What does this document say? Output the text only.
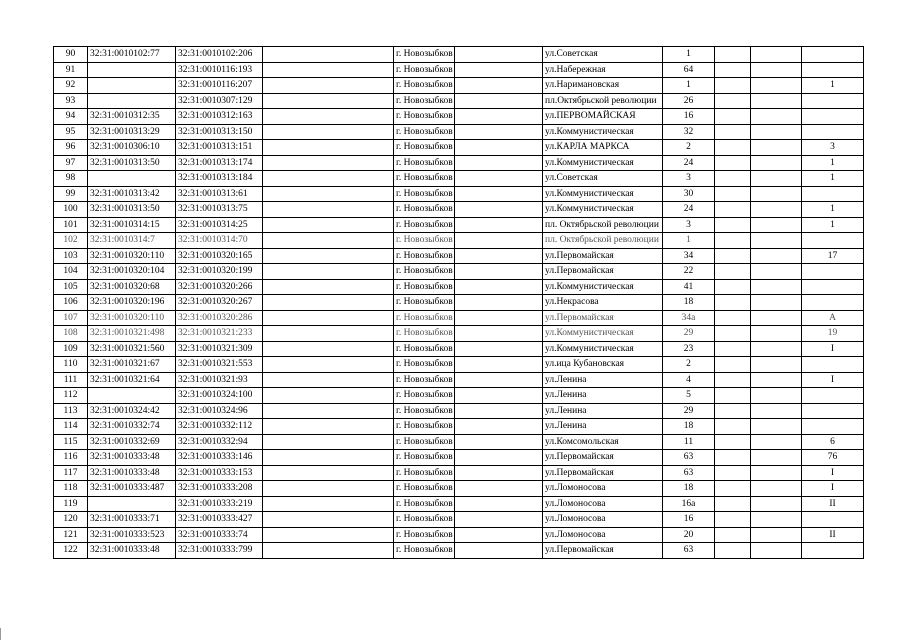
90	32:31:0010102:77	32:31:0010102:206		г. Новозыбков		ул.Советская	1			
91		32:31:0010116:193		г. Новозыбков		ул.Набережная	64			
92		32:31:0010116:207		г. Новозыбков		ул.Наримановская	1			1
93		32:31:0010307:129		г. Новозыбков		пл.Октябрьской революции	26			
94	32:31:0010312:35	32:31:0010312:163		г. Новозыбков		ул.ПЕРВОМАЙСКАЯ	16			
95	32:31:0010313:29	32:31:0010313:150		г. Новозыбков		ул.Коммунистическая	32			
96	32:31:0010306:10	32:31:0010313:151		г. Новозыбков		ул.КАРЛА МАРКСА	2			3
97	32:31:0010313:50	32:31:0010313:174		г. Новозыбков		ул.Коммунистическая	24			1
98		32:31:0010313:184		г. Новозыбков		ул.Советская	3			1
99	32:31:0010313:42	32:31:0010313:61		г. Новозыбков		ул.Коммунистическая	30			
100	32:31:0010313:50	32:31:0010313:75		г. Новозыбков		ул.Коммунистическая	24			1
101	32:31:0010314:15	32:31:0010314:25		г. Новозыбков		пл. Октябрьской революции	3			1
102	32:31:0010314:7	32:31:0010314:70		г. Новозыбков		пл. Октябрьской революции	1			
103	32:31:0010320:110	32:31:0010320:165		г. Новозыбков		ул.Первомайская	34			17
104	32:31:0010320:104	32:31:0010320:199		г. Новозыбков		ул.Первомайская	22			
105	32:31:0010320:68	32:31:0010320:266		г. Новозыбков		ул.Коммунистическая	41			
106	32:31:0010320:196	32:31:0010320:267		г. Новозыбков		ул.Некрасова	18			
107	32:31:0010320:110	32:31:0010320:286		г. Новозыбков		ул.Первомайская	34а			А
108	32:31:0010321:498	32:31:0010321:233		г. Новозыбков		ул.Коммунистическая	29			19
109	32:31:0010321:560	32:31:0010321:309		г. Новозыбков		ул.Коммунистическая	23			I
110	32:31:0010321:67	32:31:0010321:553		г. Новозыбков		ул.ица Кубановская	2			
111	32:31:0010321:64	32:31:0010321:93		г. Новозыбков		ул.Ленина	4			I
112		32:31:0010324:100		г. Новозыбков		ул.Ленина	5			
113	32:31:0010324:42	32:31:0010324:96		г. Новозыбков		ул.Ленина	29			
114	32:31:0010332:74	32:31:0010332:112		г. Новозыбков		ул.Ленина	18			
115	32:31:0010332:69	32:31:0010332:94		г. Новозыбков		ул.Комсомольская	11			6
116	32:31:0010333:48	32:31:0010333:146		г. Новозыбков		ул.Первомайская	63			76
117	32:31:0010333:48	32:31:0010333:153		г. Новозыбков		ул.Первомайская	63			I
118	32:31:0010333:487	32:31:0010333:208		г. Новозыбков		ул.Ломоносова	18			I
119		32:31:0010333:219		г. Новозыбков		ул.Ломоносова	16а			II
120	32:31:0010333:71	32:31:0010333:427		г. Новозыбков		ул.Ломоносова	16			
121	32:31:0010333:523	32:31:0010333:74		г. Новозыбков		ул.Ломоносова	20			II
122	32:31:0010333:48	32:31:0010333:799		г. Новозыбков		ул.Первомайская	63			
